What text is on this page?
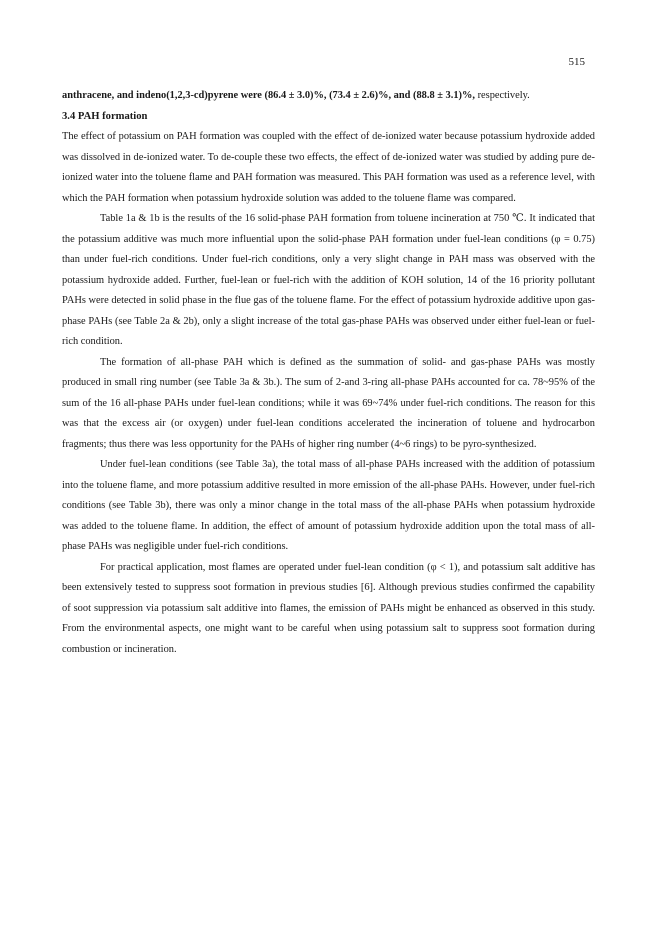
515

anthracene, and indeno(1,2,3-cd)pyrene were (86.4 ± 3.0)%, (73.4 ± 2.6)%, and (88.8 ± 3.1)%, respectively.

3.4 PAH formation

The effect of potassium on PAH formation was coupled with the effect of de-ionized water because potassium hydroxide added was dissolved in de-ionized water. To de-couple these two effects, the effect of de-ionized water was studied by adding pure de-ionized water into the toluene flame and PAH formation was measured. This PAH formation was used as a reference level, with which the PAH formation when potassium hydroxide solution was added to the toluene flame was compared.

Table 1a & 1b is the results of the 16 solid-phase PAH formation from toluene incineration at 750 ℃. It indicated that the potassium additive was much more influential upon the solid-phase PAH formation under fuel-lean conditions (φ = 0.75) than under fuel-rich conditions. Under fuel-rich conditions, only a very slight change in PAH mass was observed with the potassium hydroxide added. Further, fuel-lean or fuel-rich with the addition of KOH solution, 14 of the 16 priority pollutant PAHs were detected in solid phase in the flue gas of the toluene flame. For the effect of potassium hydroxide additive upon gas-phase PAHs (see Table 2a & 2b), only a slight increase of the total gas-phase PAHs was observed under either fuel-lean or fuel-rich condition.

The formation of all-phase PAH which is defined as the summation of solid- and gas-phase PAHs was mostly produced in small ring number (see Table 3a & 3b.). The sum of 2-and 3-ring all-phase PAHs accounted for ca. 78~95% of the sum of the 16 all-phase PAHs under fuel-lean conditions; while it was 69~74% under fuel-rich conditions. The reason for this was that the excess air (or oxygen) under fuel-lean conditions accelerated the incineration of toluene and hydrocarbon fragments; thus there was less opportunity for the PAHs of higher ring number (4~6 rings) to be pyro-synthesized.

Under fuel-lean conditions (see Table 3a), the total mass of all-phase PAHs increased with the addition of potassium into the toluene flame, and more potassium additive resulted in more emission of the all-phase PAHs. However, under fuel-rich conditions (see Table 3b), there was only a minor change in the total mass of the all-phase PAHs when potassium hydroxide was added to the toluene flame. In addition, the effect of amount of potassium hydroxide addition upon the total mass of all-phase PAHs was negligible under fuel-rich conditions.

For practical application, most flames are operated under fuel-lean condition (φ < 1), and potassium salt additive has been extensively tested to suppress soot formation in previous studies [6]. Although previous studies confirmed the capability of soot suppression via potassium salt additive into flames, the emission of PAHs might be enhanced as observed in this study. From the environmental aspects, one might want to be careful when using potassium salt to suppress soot formation during combustion or incineration.
